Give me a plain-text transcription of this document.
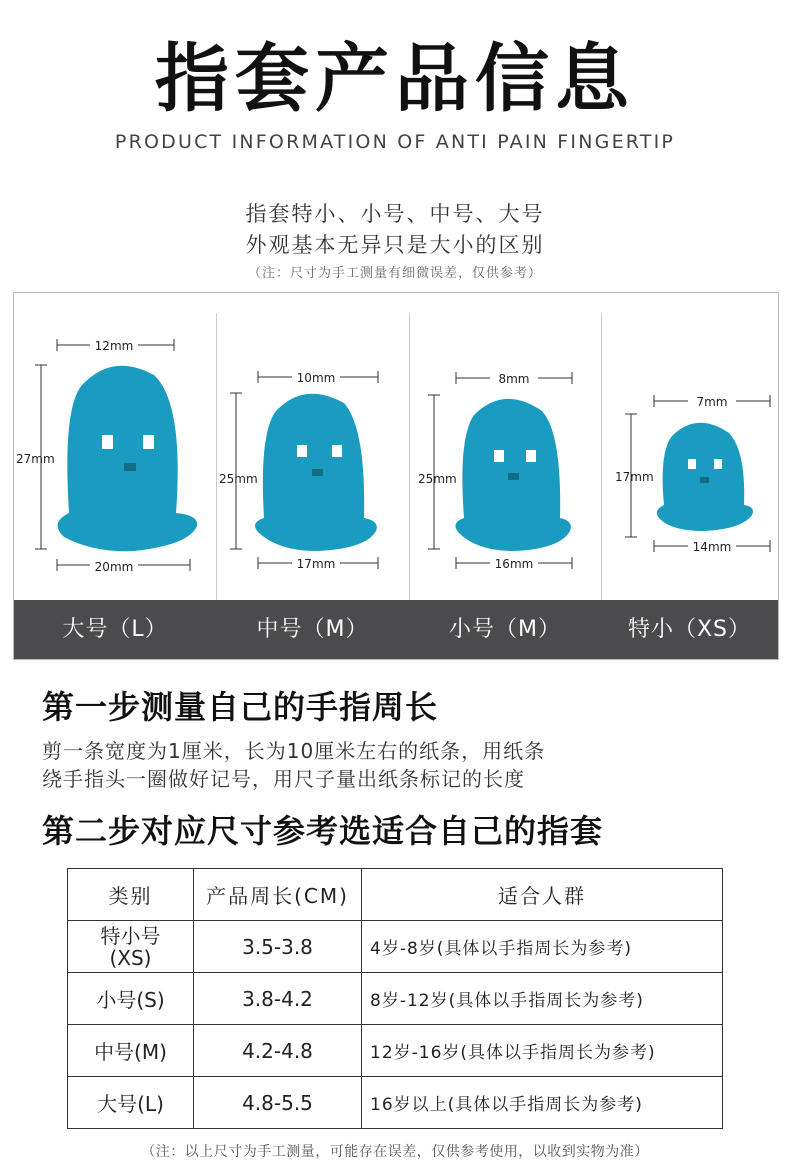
指套产品信息
PRODUCT INFORMATION OF ANTI PAIN FINGERTIP
指套特小、小号、中号、大号
外观基本无异只是大小的区别
（注：尺寸为手工测量有细微误差，仅供参考）
12mm
27mm
20mm
10mm
25mm
17mm
8mm
25mm
16mm
7mm
17mm
14mm
大号（L）	中号（M）	小号（M）	特小（XS）
第一步测量自己的手指周长
剪一条宽度为1厘米，长为10厘米左右的纸条，用纸条
绕手指头一圈做好记号，用尺子量出纸条标记的长度
第二步对应尺寸参考选适合自己的指套
类别	产品周长(CM)	适合人群

特小号
(XS)	3.5-3.8	4岁-8岁(具体以手指周长为参考)
小号(S)	3.8-4.2	8岁-12岁(具体以手指周长为参考)
中号(M)	4.2-4.8	12岁-16岁(具体以手指周长为参考)
大号(L)	4.8-5.5	16岁以上(具体以手指周长为参考)
（注：以上尺寸为手工测量，可能存在误差，仅供参考使用，以收到实物为准）
